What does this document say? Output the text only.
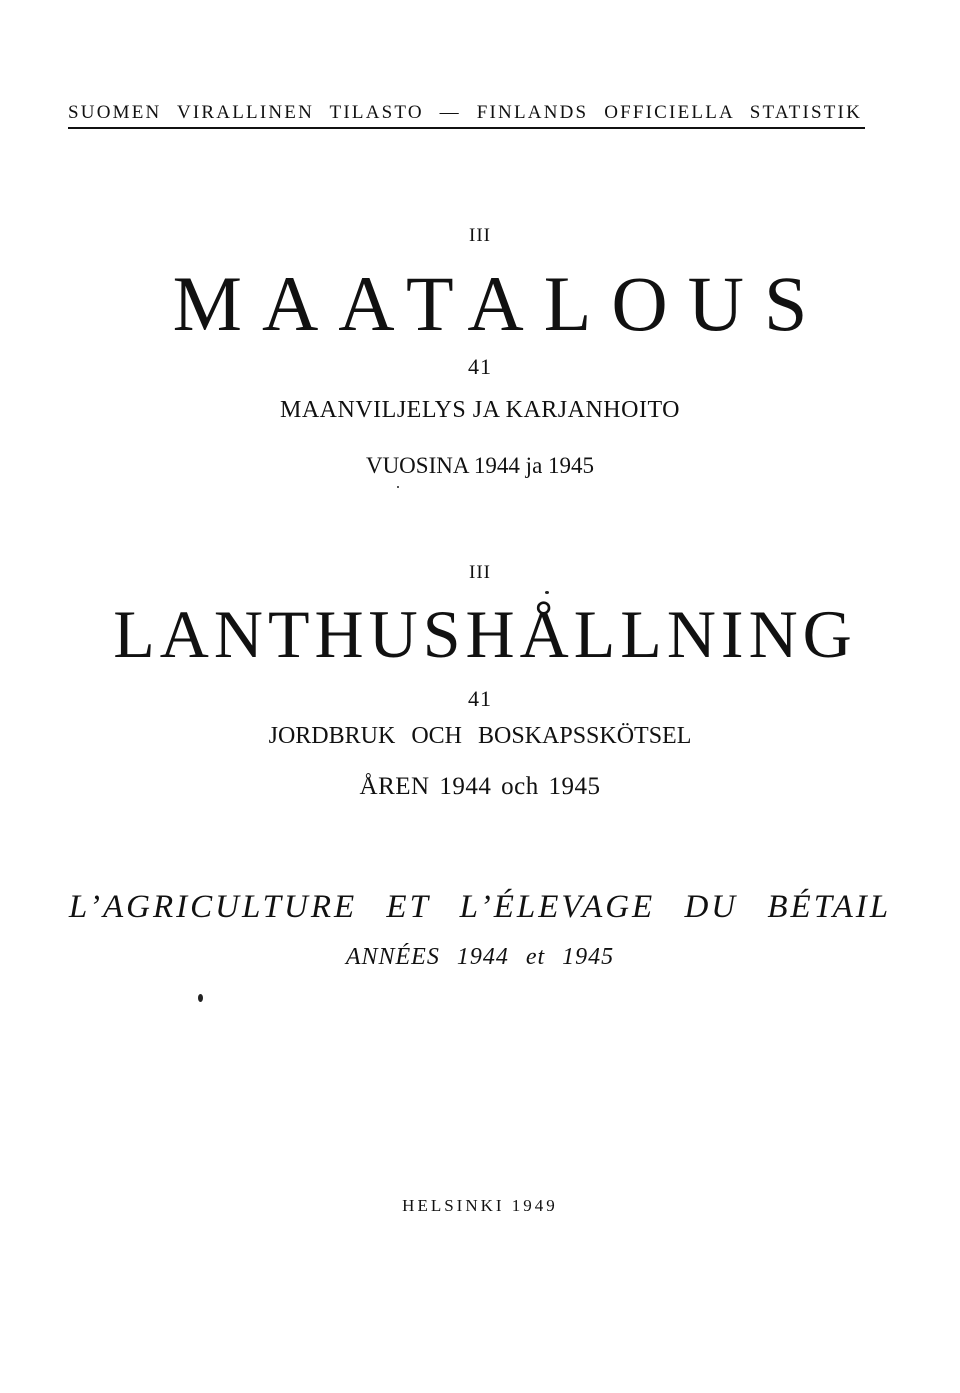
SUOMEN VIRALLINEN TILASTO — FINLANDS OFFICIELLA STATISTIK
III
MAATALOUS
41
MAANVILJELYS JA KARJANHOITO
VUOSINA 1944 ja 1945
III
LANTHUSHÅLLNING
41
JORDBRUK OCH BOSKAPSSKÖTSEL
ÅREN 1944 och 1945
L’AGRICULTURE ET L’ÉLEVAGE DU BÉTAIL
ANNÉES 1944 et 1945
HELSINKI 1949
